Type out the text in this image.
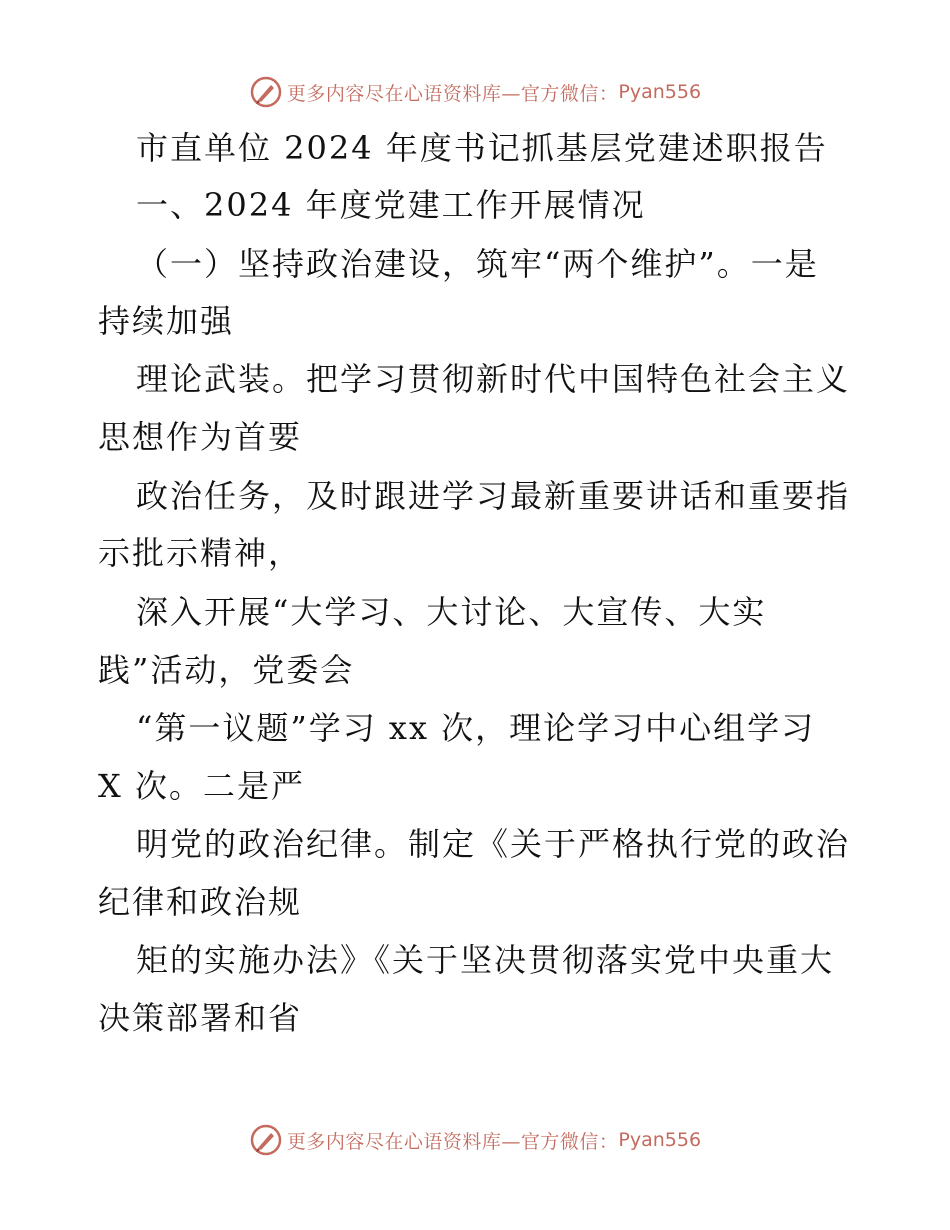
更多内容尽在心语资料库—官方微信： Pyan556
市直单位 2024 年度书记抓基层党建述职报告
一、2024 年度党建工作开展情况
（一）坚持政治建设，筑牢“两个维护”。一是
持续加强
理论武装。把学习贯彻新时代中国特色社会主义
思想作为首要
政治任务，及时跟进学习最新重要讲话和重要指
示批示精神，
深入开展“大学习、大讨论、大宣传、大实
践”活动，党委会
“第一议题”学习 xx 次，理论学习中心组学习
X 次。二是严
明党的政治纪律。制定《关于严格执行党的政治
纪律和政治规
矩的实施办法》《关于坚决贯彻落实党中央重大
决策部署和省
更多内容尽在心语资料库—官方微信： Pyan556
